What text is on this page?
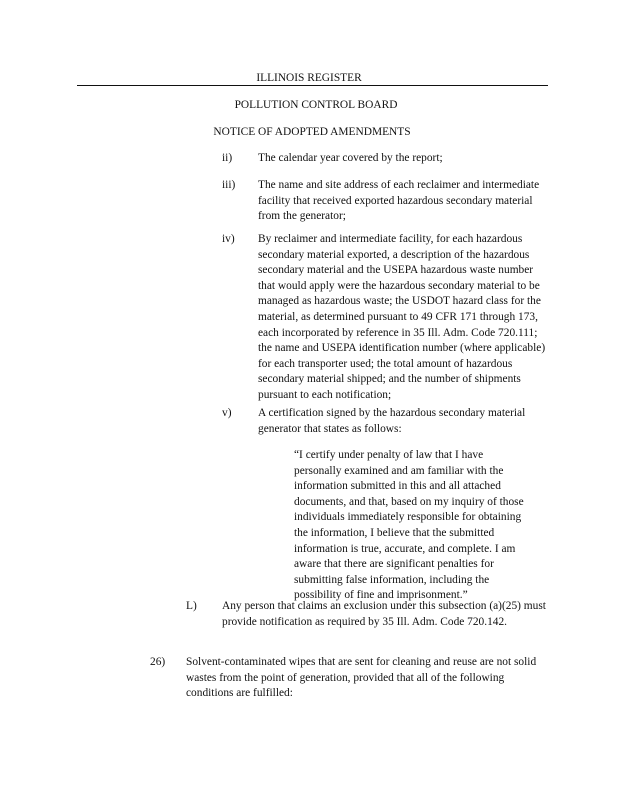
ILLINOIS REGISTER
POLLUTION CONTROL BOARD
NOTICE OF ADOPTED AMENDMENTS
ii) The calendar year covered by the report;
iii) The name and site address of each reclaimer and intermediate facility that received exported hazardous secondary material from the generator;
iv) By reclaimer and intermediate facility, for each hazardous secondary material exported, a description of the hazardous secondary material and the USEPA hazardous waste number that would apply were the hazardous secondary material to be managed as hazardous waste; the USDOT hazard class for the material, as determined pursuant to 49 CFR 171 through 173, each incorporated by reference in 35 Ill. Adm. Code 720.111; the name and USEPA identification number (where applicable) for each transporter used; the total amount of hazardous secondary material shipped; and the number of shipments pursuant to each notification;
v) A certification signed by the hazardous secondary material generator that states as follows:
“I certify under penalty of law that I have personally examined and am familiar with the information submitted in this and all attached documents, and that, based on my inquiry of those individuals immediately responsible for obtaining the information, I believe that the submitted information is true, accurate, and complete. I am aware that there are significant penalties for submitting false information, including the possibility of fine and imprisonment.”
L) Any person that claims an exclusion under this subsection (a)(25) must provide notification as required by 35 Ill. Adm. Code 720.142.
26) Solvent-contaminated wipes that are sent for cleaning and reuse are not solid wastes from the point of generation, provided that all of the following conditions are fulfilled:
